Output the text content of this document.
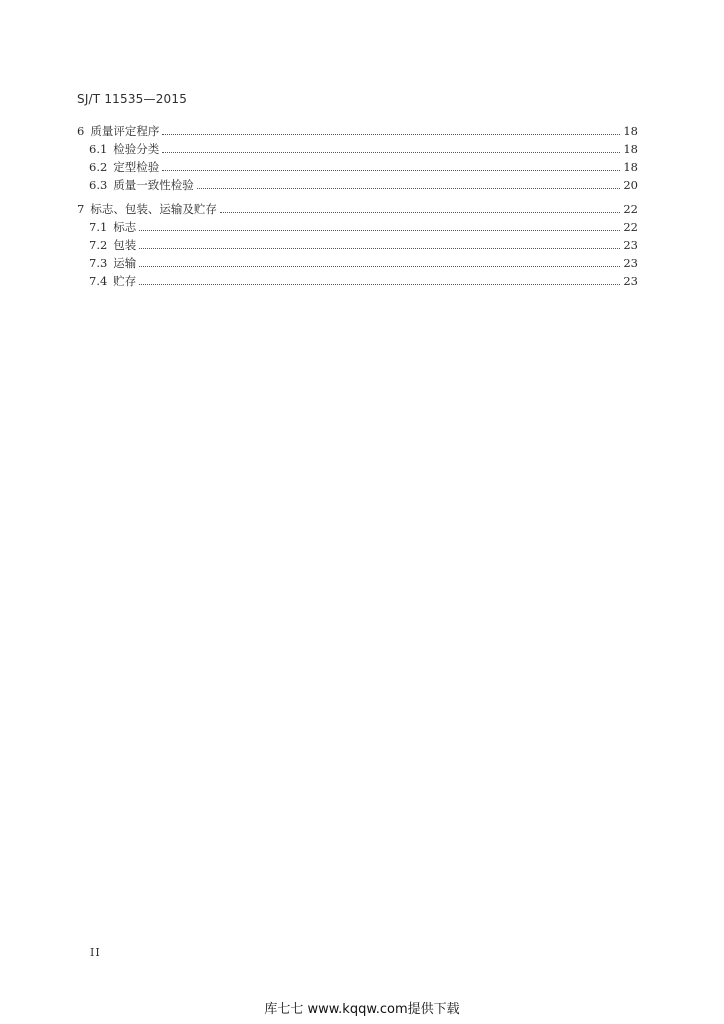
SJ/T 11535—2015
6 质量评定程序	18
6.1 检验分类	18
6.2 定型检验	18
6.3 质量一致性检验	20
7 标志、包装、运输及贮存	22
7.1 标志	22
7.2 包装	23
7.3 运输	23
7.4 贮存	23
II
库七七 www.kqqw.com提供下载
